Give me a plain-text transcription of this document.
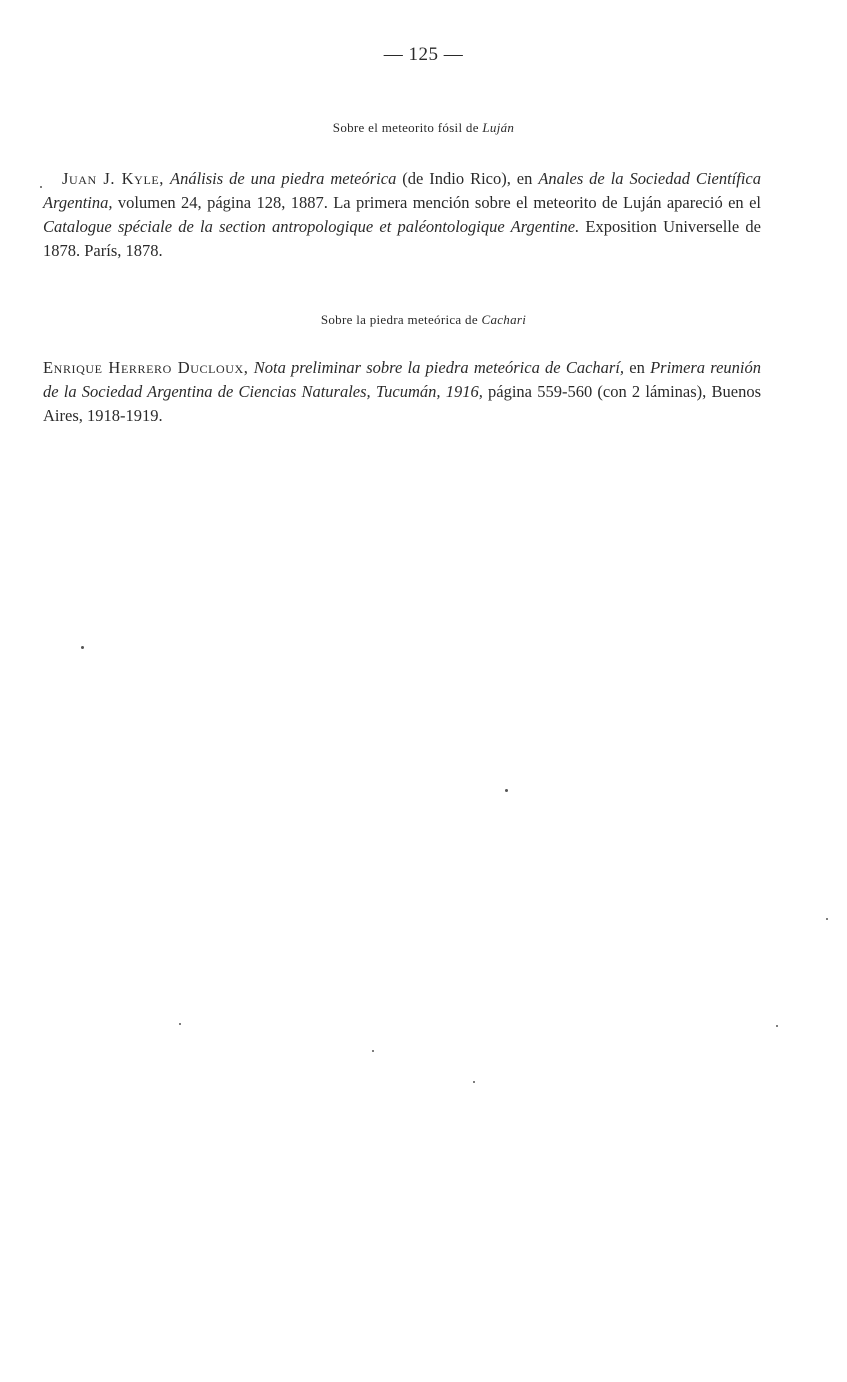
— 125 —
Sobre el meteorito fósil de Luján

Juan J. Kyle, Análisis de una piedra meteórica (de Indio Rico), en Anales de la Sociedad Científica Argentina, volumen 24, página 128, 1887. La primera mención sobre el meteorito de Luján apareció en el Catalogue spéciale de la section antropologique et paléontologique Argentine. Exposition Universelle de 1878. París, 1878.

Sobre la piedra meteórica de Cachari

Enrique Herrero Ducloux, Nota preliminar sobre la piedra meteórica de Cacharí, en Primera reunión de la Sociedad Argentina de Ciencias Naturales, Tucumán, 1916, página 559-560 (con 2 láminas), Buenos Aires, 1918-1919.
